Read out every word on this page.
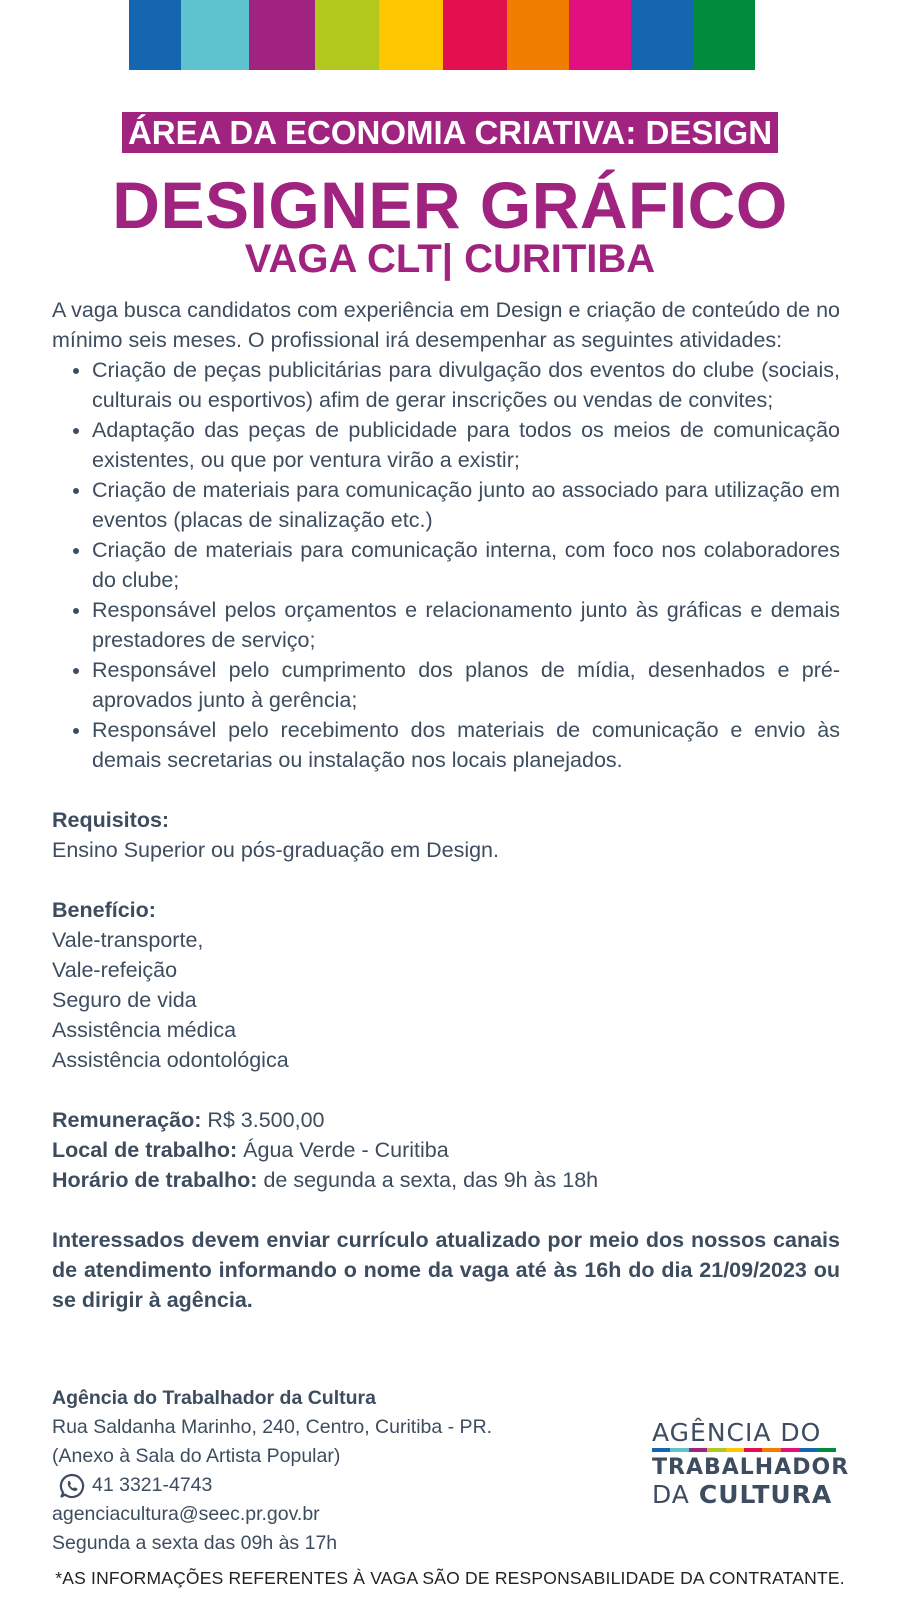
ÁREA DA ECONOMIA CRIATIVA: DESIGN
DESIGNER GRÁFICO
VAGA CLT| CURITIBA

A vaga busca candidatos com experiência em Design e criação de conteúdo de no mínimo seis meses. O profissional irá desempenhar as seguintes atividades:

• Criação de peças publicitárias para divulgação dos eventos do clube (sociais, culturais ou esportivos) afim de gerar inscrições ou vendas de convites;
• Adaptação das peças de publicidade para todos os meios de comunicação existentes, ou que por ventura virão a existir;
• Criação de materiais para comunicação junto ao associado para utilização em eventos (placas de sinalização etc.)
• Criação de materiais para comunicação interna, com foco nos colaboradores do clube;
• Responsável pelos orçamentos e relacionamento junto às gráficas e demais prestadores de serviço;
• Responsável pelo cumprimento dos planos de mídia, desenhados e pré-aprovados junto à gerência;
• Responsável pelo recebimento dos materiais de comunicação e envio às demais secretarias ou instalação nos locais planejados.

Requisitos:

Ensino Superior ou pós-graduação em Design.

Benefício:

Vale-transporte,

Vale-refeição

Seguro de vida

Assistência médica

Assistência odontológica

Remuneração: R$ 3.500,00

Local de trabalho: Água Verde - Curitiba

Horário de trabalho: de segunda a sexta, das 9h às 18h

Interessados devem enviar currículo atualizado por meio dos nossos canais de atendimento informando o nome da vaga até às 16h do dia 21/09/2023 ou se dirigir à agência.

Agência do Trabalhador da Cultura
Rua Saldanha Marinho, 240, Centro, Curitiba - PR.
(Anexo à Sala do Artista Popular)
41 3321-4743
agenciacultura@seec.pr.gov.br
Segunda a sexta das 09h às 17h
AGÊNCIA DO
TRABALHADOR
DA CULTURA
*AS INFORMAÇÕES REFERENTES À VAGA SÃO DE RESPONSABILIDADE DA CONTRATANTE.
